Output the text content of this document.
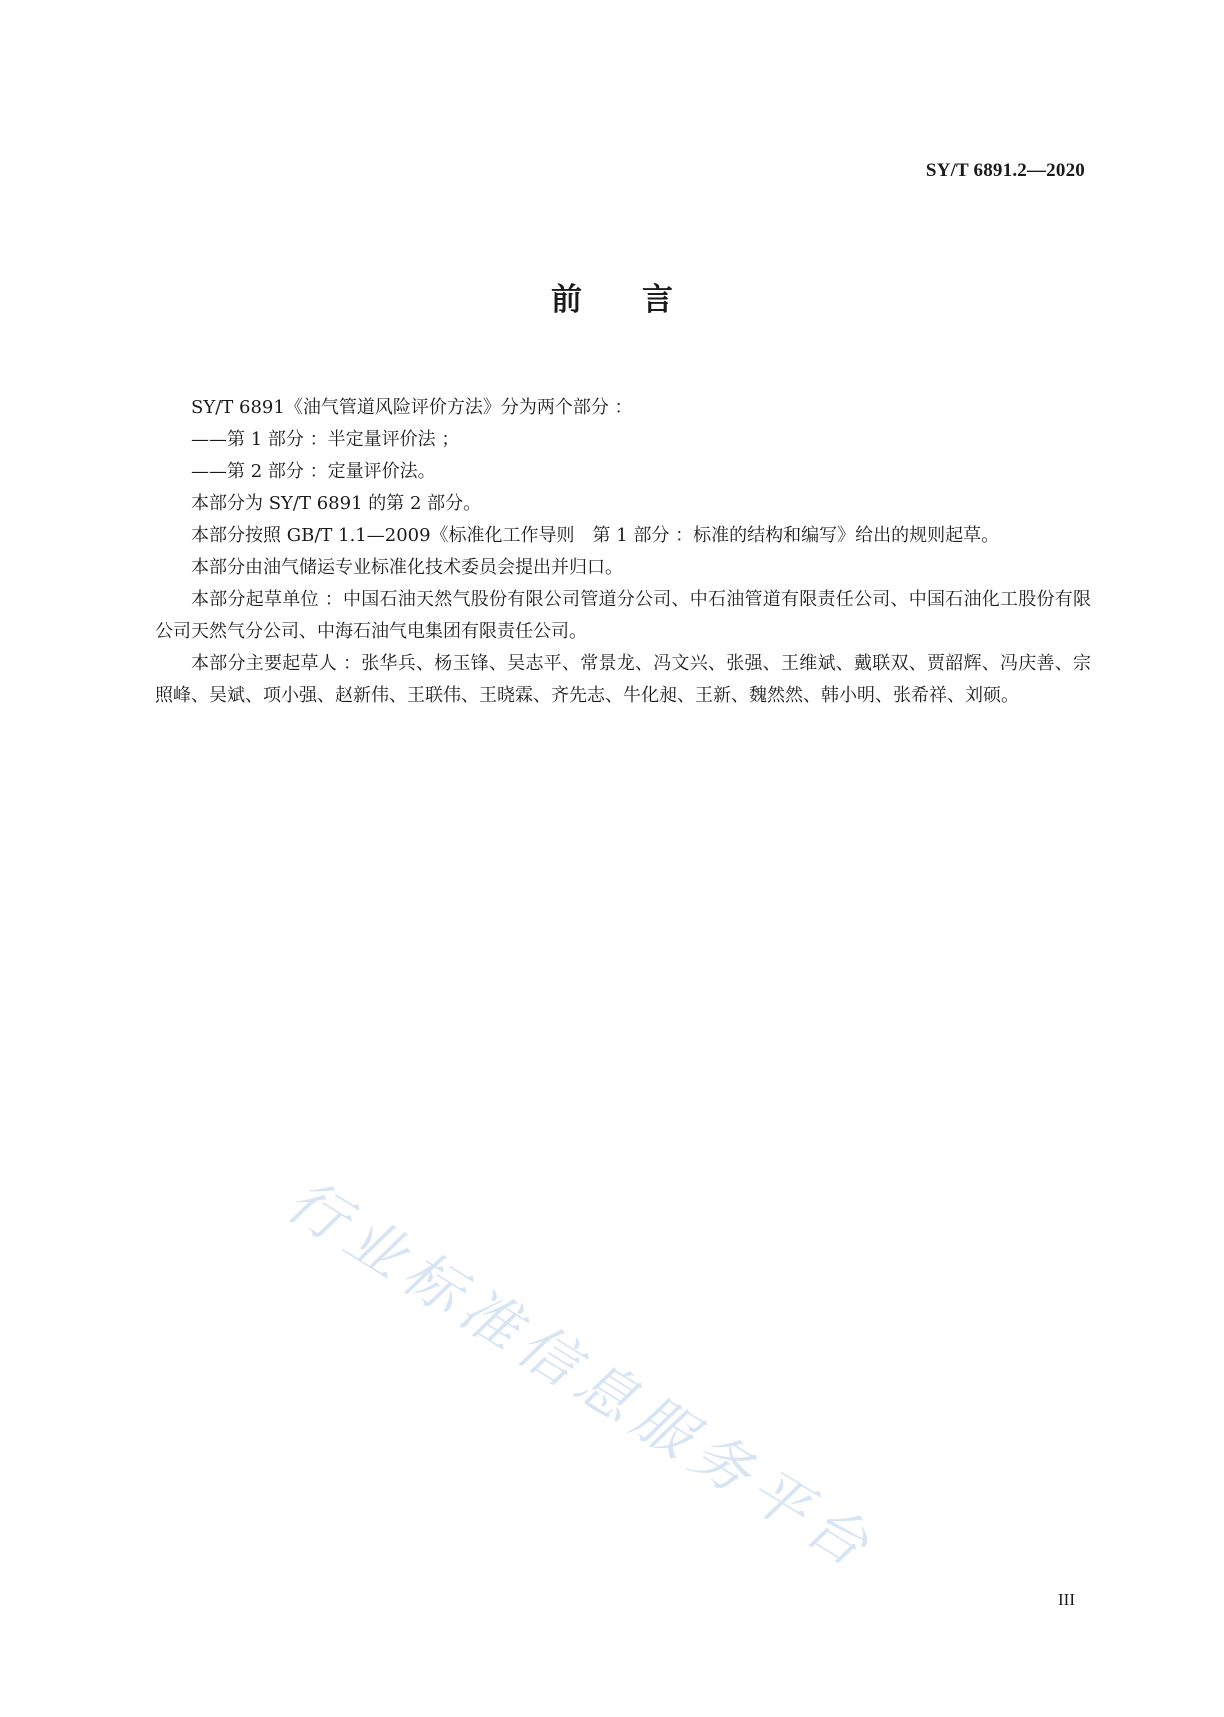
SY/T 6891.2—2020
前 言

SY/T 6891《油气管道风险评价方法》分为两个部分 ：

——第 1 部分 ：半定量评价法 ；

——第 2 部分 ：定量评价法。

本部分为 SY/T 6891 的第 2 部分。

本部分按照 GB/T 1.1—2009《标准化工作导则　第 1 部分 ：标准的结构和编写》给出的规则起草。

本部分由油气储运专业标准化技术委员会提出并归口。

本部分起草单位 ：中国石油天然气股份有限公司管道分公司、中石油管道有限责任公司、中国石油化工股份有限公司天然气分公司、中海石油气电集团有限责任公司。

本部分主要起草人 ：张华兵、杨玉锋、吴志平、常景龙、冯文兴、张强、王维斌、戴联双、贾韶辉、冯庆善、宗照峰、吴斌、项小强、赵新伟、王联伟、王晓霖、齐先志、牛化昶、王新、魏然然、韩小明、张希祥、刘硕。

行业标准信息服务平台
III
